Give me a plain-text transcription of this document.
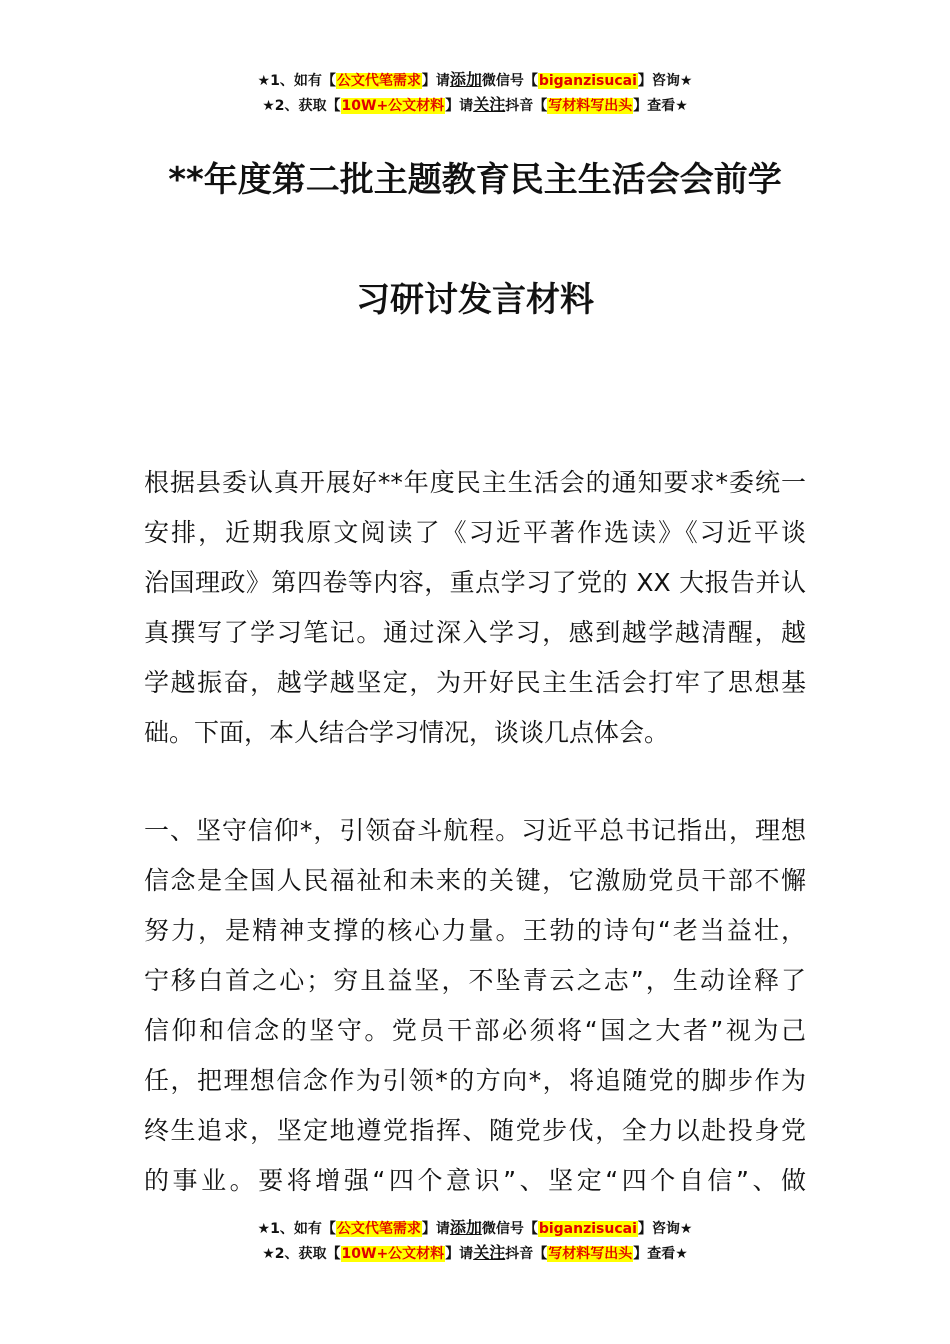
★1、如有【公文代笔需求】请添加微信号【biganzisucai】咨询★
★2、获取【10W+公文材料】请关注抖音【写材料写出头】查看★
**年度第二批主题教育民主生活会会前学
习研讨发言材料
根据县委认真开展好**年度民主生活会的通知要求*委统一
安排，近期我原文阅读了《习近平著作选读》《习近平谈
治国理政》第四卷等内容，重点学习了党的 XX 大报告并认
真撰写了学习笔记。通过深入学习，感到越学越清醒，越
学越振奋，越学越坚定，为开好民主生活会打牢了思想基
础。下面，本人结合学习情况，谈谈几点体会。
一、坚守信仰*，引领奋斗航程。习近平总书记指出，理想
信念是全国人民福祉和未来的关键，它激励党员干部不懈
努力，是精神支撑的核心力量。王勃的诗句“老当益壮，
宁移白首之心；穷且益坚，不坠青云之志”，生动诠释了
信仰和信念的坚守。党员干部必须将“国之大者”视为己
任，把理想信念作为引领*的方向*，将追随党的脚步作为
终生追求，坚定地遵党指挥、随党步伐，全力以赴投身党
的事业。要将增强“四个意识”、坚定“四个自信”、做
★1、如有【公文代笔需求】请添加微信号【biganzisucai】咨询★
★2、获取【10W+公文材料】请关注抖音【写材料写出头】查看★
